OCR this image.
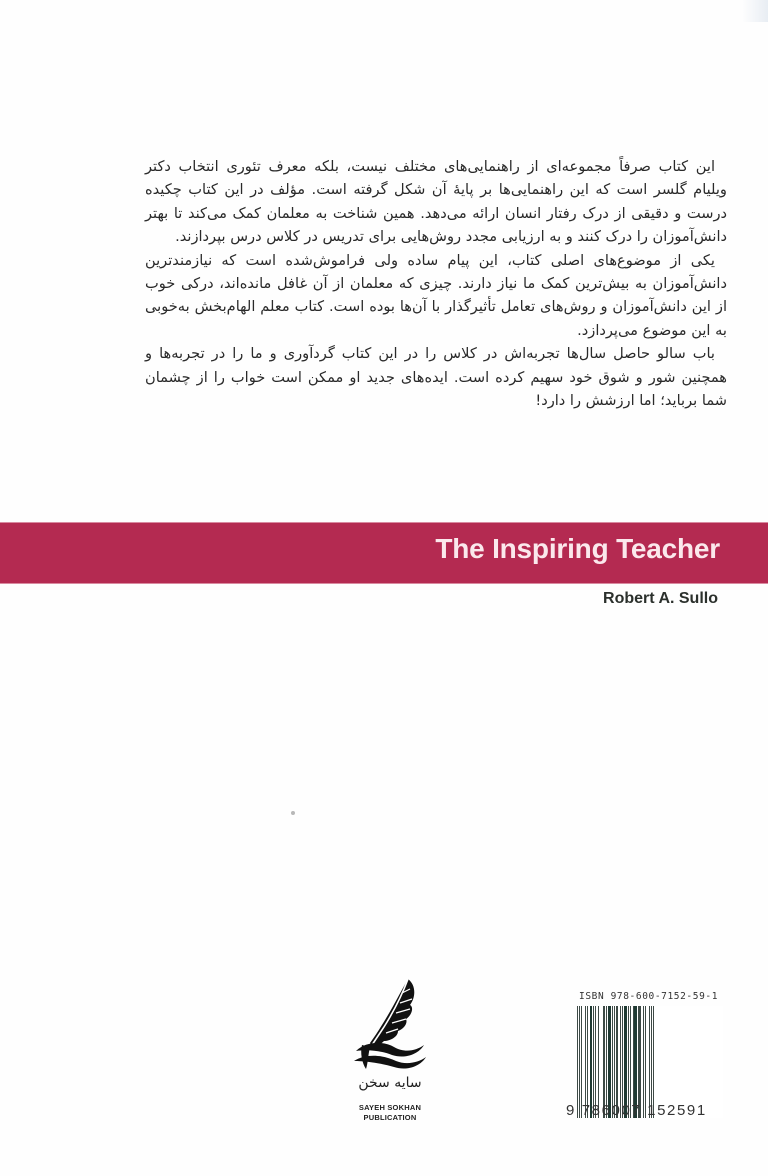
این کتاب صرفاً مجموعه‌ای از راهنمایی‌های مختلف نیست، بلکه معرف تئوری انتخاب دکتر ویلیام گلسر است که این راهنمایی‌ها بر پایهٔ آن شکل گرفته است. مؤلف در این کتاب چکیده درست و دقیقی از درک رفتار انسان ارائه می‌دهد. همین شناخت به معلمان کمک می‌کند تا بهتر دانش‌آموزان را درک کنند و به ارزیابی مجدد روش‌هایی برای تدریس در کلاس درس بپردازند.

یکی از موضوع‌های اصلی کتاب، این پیام ساده ولی فراموش‌شده است که نیازمندترین دانش‌آموزان به بیش‌ترین کمک ما نیاز دارند. چیزی که معلمان از آن غافل مانده‌اند، درکی خوب از این دانش‌آموزان و روش‌های تعامل تأثیرگذار با آن‌ها بوده است. کتاب معلم الهام‌بخش به‌خوبی به این موضوع می‌پردازد.

باب سالو حاصل سال‌ها تجربه‌اش در کلاس را در این کتاب گردآوری و ما را در تجربه‌ها و همچنین شور و شوق خود سهیم کرده است. ایده‌های جدید او ممکن است خواب را از چشمان شما برباید؛ اما ارزشش را دارد!

The Inspiring Teacher
Robert A. Sullo
سایه سخن
SAYEH SOKHAN
PUBLICATION
ISBN 978-600-7152-59-1
9 786007 152591
